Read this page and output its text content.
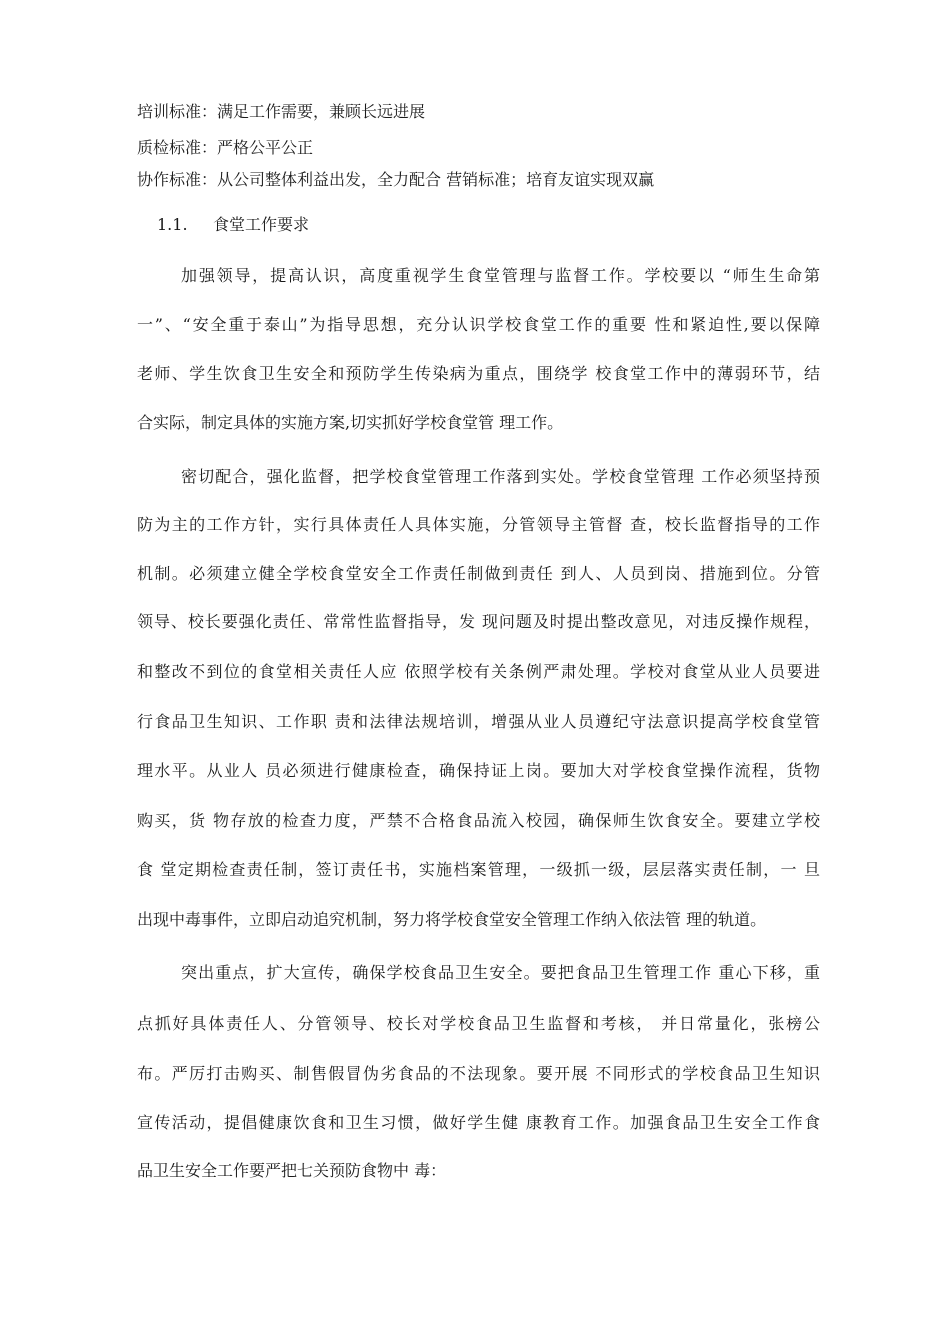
培训标准：满足工作需要，兼顾长远进展
质检标准：严格公平公正
协作标准：从公司整体利益出发，全力配合 营销标准；培育友谊实现双赢
1.1. 食堂工作要求
加强领导，提高认识，高度重视学生食堂管理与监督工作。学校要以 “师生生命第
一”、“安全重于泰山”为指导思想，充分认识学校食堂工作的重要 性和紧迫性,要以保障
老师、学生饮食卫生安全和预防学生传染病为重点，围绕学 校食堂工作中的薄弱环节，结
合实际，制定具体的实施方案,切实抓好学校食堂管 理工作。
密切配合，强化监督，把学校食堂管理工作落到实处。学校食堂管理 工作必须坚持预
防为主的工作方针，实行具体责任人具体实施，分管领导主管督 查，校长监督指导的工作
机制。必须建立健全学校食堂安全工作责任制做到责任 到人、人员到岗、措施到位。分管
领导、校长要强化责任、常常性监督指导，发 现问题及时提出整改意见，对违反操作规程，
和整改不到位的食堂相关责任人应 依照学校有关条例严肃处理。学校对食堂从业人员要进
行食品卫生知识、工作职 责和法律法规培训，增强从业人员遵纪守法意识提高学校食堂管
理水平。从业人 员必须进行健康检查，确保持证上岗。要加大对学校食堂操作流程，货物
购买，货 物存放的检查力度，严禁不合格食品流入校园，确保师生饮食安全。要建立学校
食 堂定期检查责任制，签订责任书，实施档案管理，一级抓一级，层层落实责任制，一 旦
出现中毒事件，立即启动追究机制，努力将学校食堂安全管理工作纳入依法管 理的轨道。
突出重点，扩大宣传，确保学校食品卫生安全。要把食品卫生管理工作 重心下移，重
点抓好具体责任人、分管领导、校长对学校食品卫生监督和考核， 并日常量化，张榜公
布。严厉打击购买、制售假冒伪劣食品的不法现象。要开展 不同形式的学校食品卫生知识
宣传活动，提倡健康饮食和卫生习惯，做好学生健 康教育工作。加强食品卫生安全工作食
品卫生安全工作要严把七关预防食物中 毒：
